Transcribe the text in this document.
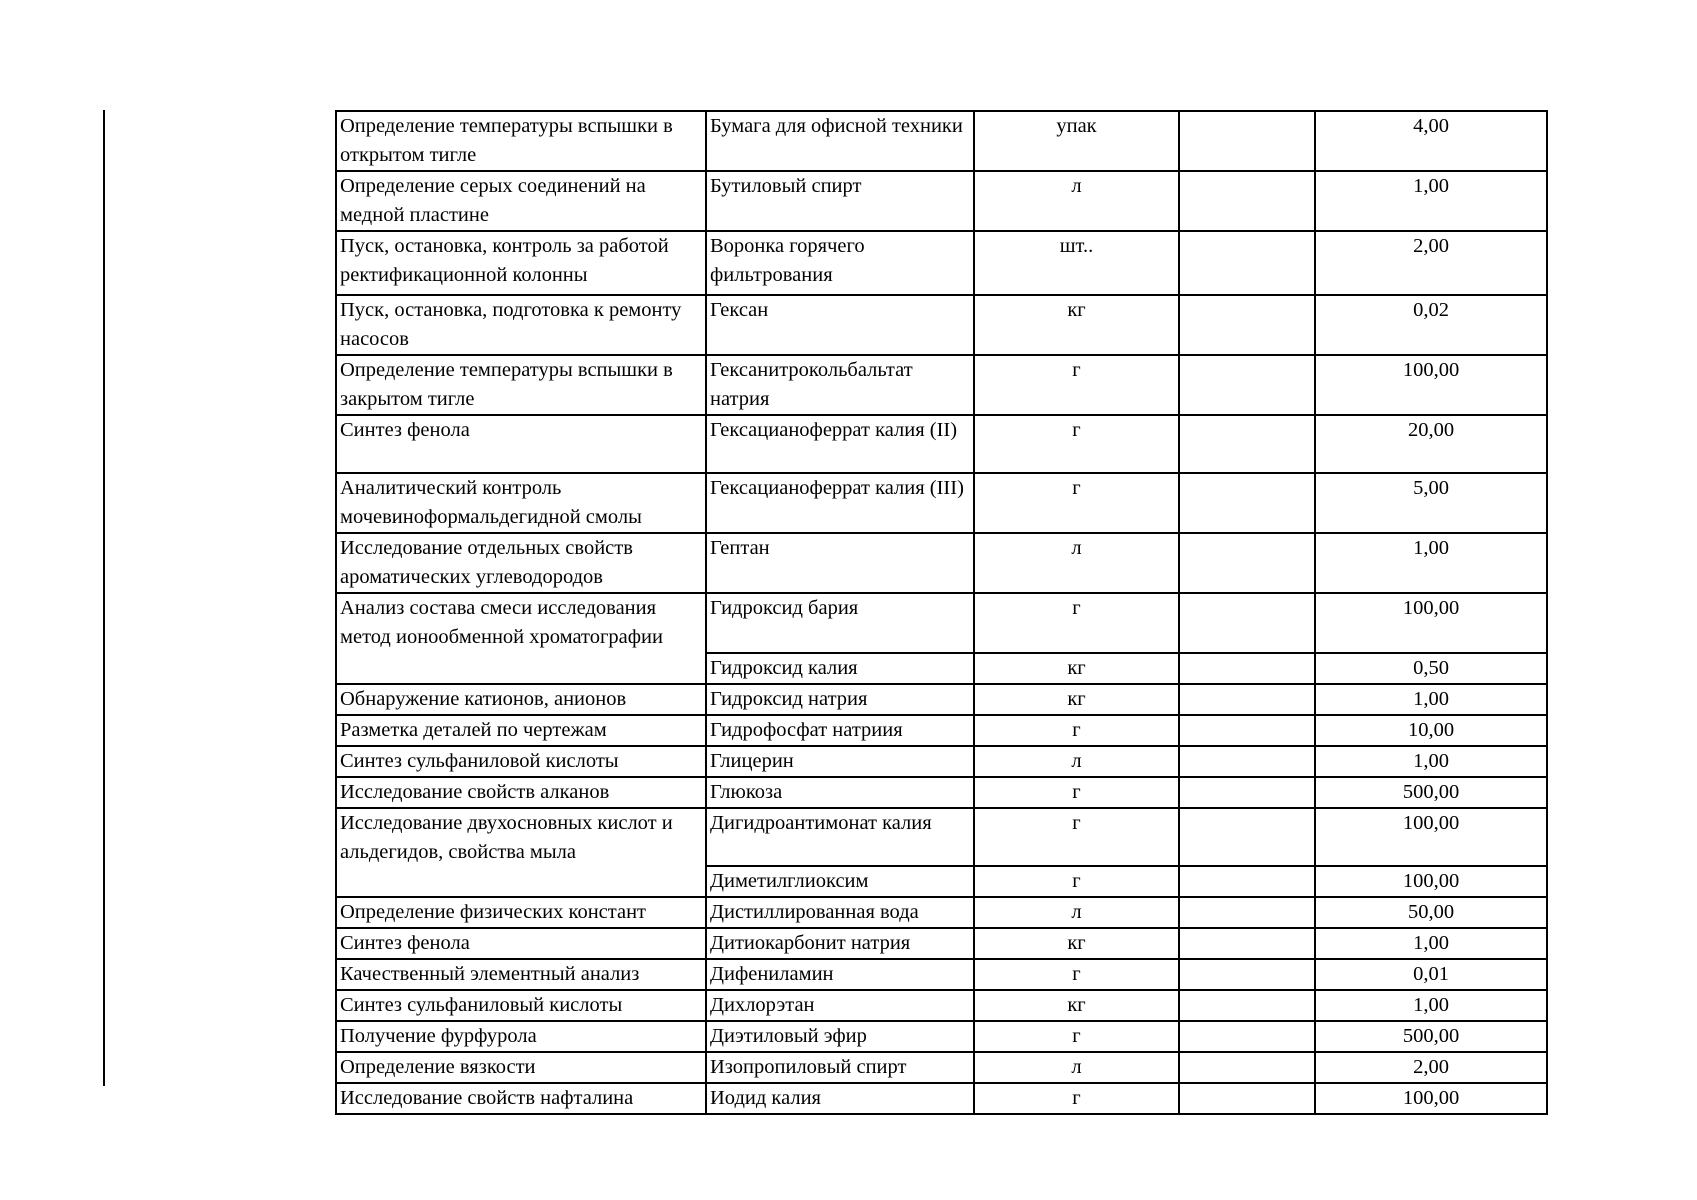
Определение температуры вспышки в открытом тигле	Бумага для офисной техники	упак		4,00
Определение серых соединений на медной пластине	Бутиловый спирт	л		1,00
Пуск, остановка, контроль за работой ректификационной колонны	Воронка горячего фильтрования	шт..		2,00
Пуск, остановка, подготовка к ремонту насосов	Гексан	кг		0,02
Определение температуры вспышки в закрытом тигле	Гексанитрокольбальтат натрия	г		100,00
Синтез фенола	Гексацианоферрат калия (II)	г		20,00
Аналитический контроль мочевиноформальдегидной смолы	Гексацианоферрат калия (III)	г		5,00
Исследование отдельных свойств ароматических углеводородов	Гептан	л		1,00
Анализ состава смеси исследования метод ионообменной хроматографии	Гидроксид бария	г		100,00
	Гидроксид калия	кг		0,50
Обнаружение катионов, анионов	Гидроксид натрия	кг		1,00
Разметка деталей по чертежам	Гидрофосфат натриия	г		10,00
Синтез сульфаниловой кислоты	Глицерин	л		1,00
Исследование свойств алканов	Глюкоза	г		500,00
Исследование двухосновных кислот и альдегидов, свойства мыла	Дигидроантимонат калия	г		100,00
	Диметилглиоксим	г		100,00
Определение физических констант	Дистиллированная вода	л		50,00
Синтез фенола	Дитиокарбонит натрия	кг		1,00
Качественный элементный анализ	Дифениламин	г		0,01
Синтез сульфаниловый кислоты	Дихлорэтан	кг		1,00
Получение фурфурола	Диэтиловый эфир	г		500,00
Определение вязкости	Изопропиловый спирт	л		2,00
Исследование свойств нафталина	Иодид калия	г		100,00
